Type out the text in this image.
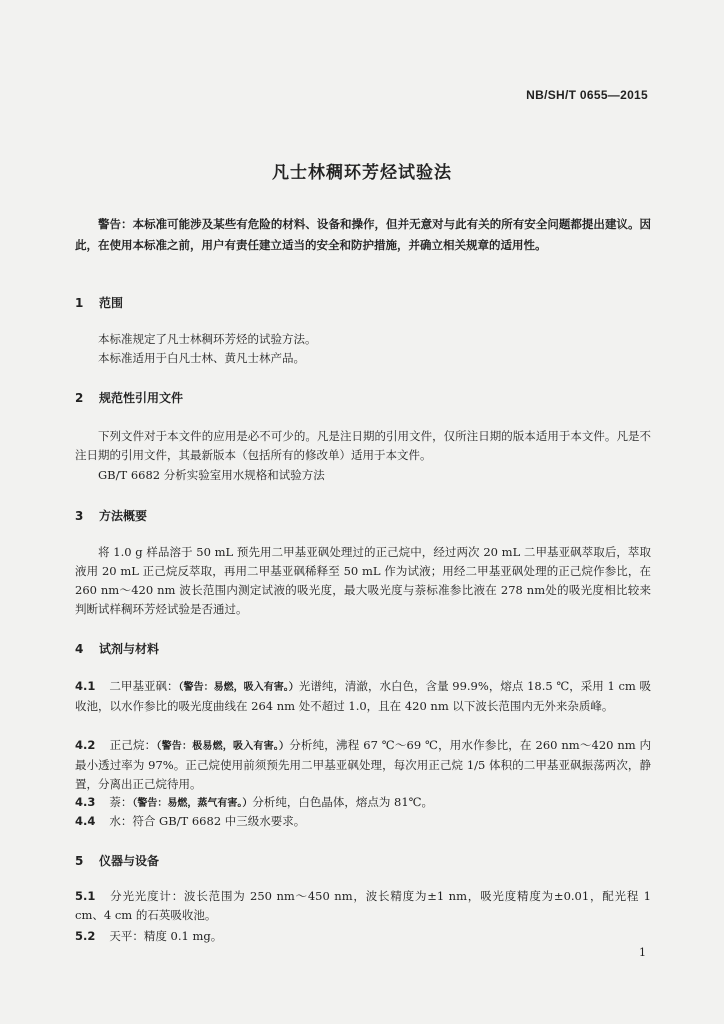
NB/SH/T 0655—2015
凡士林稠环芳烃试验法
警告：本标准可能涉及某些有危险的材料、设备和操作，但并无意对与此有关的所有安全问题都提出建议。因此，在使用本标准之前，用户有责任建立适当的安全和防护措施，并确立相关规章的适用性。
1 范围
本标准规定了凡士林稠环芳烃的试验方法。
本标准适用于白凡士林、黄凡士林产品。
2 规范性引用文件
下列文件对于本文件的应用是必不可少的。凡是注日期的引用文件，仅所注日期的版本适用于本文件。凡是不注日期的引用文件，其最新版本（包括所有的修改单）适用于本文件。
GB/T 6682 分析实验室用水规格和试验方法
3 方法概要
将 1.0 g 样品溶于 50 mL 预先用二甲基亚砜处理过的正己烷中，经过两次 20 mL 二甲基亚砜萃取后，萃取液用 20 mL 正己烷反萃取，再用二甲基亚砜稀释至 50 mL 作为试液；用经二甲基亚砜处理的正己烷作参比，在 260 nm～420 nm 波长范围内测定试液的吸光度，最大吸光度与萘标准参比液在 278 nm处的吸光度相比较来判断试样稠环芳烃试验是否通过。
4 试剂与材料
4.1 二甲基亚砜：（警告：易燃，吸入有害。）光谱纯，清澈，水白色，含量 99.9%，熔点 18.5 ℃，采用 1 cm 吸收池，以水作参比的吸光度曲线在 264 nm 处不超过 1.0，且在 420 nm 以下波长范围内无外来杂质峰。
4.2 正己烷：（警告：极易燃，吸入有害。）分析纯，沸程 67 ℃～69 ℃，用水作参比，在 260 nm～420 nm 内最小透过率为 97%。正己烷使用前须预先用二甲基亚砜处理，每次用正己烷 1/5 体积的二甲基亚砜振荡两次，静置，分离出正己烷待用。
4.3 萘：（警告：易燃，蒸气有害。）分析纯，白色晶体，熔点为 81℃。
4.4 水：符合 GB/T 6682 中三级水要求。
5 仪器与设备
5.1 分光光度计：波长范围为 250 nm～450 nm，波长精度为±1 nm，吸光度精度为±0.01，配光程 1 cm、4 cm 的石英吸收池。
5.2 天平：精度 0.1 mg。
1
